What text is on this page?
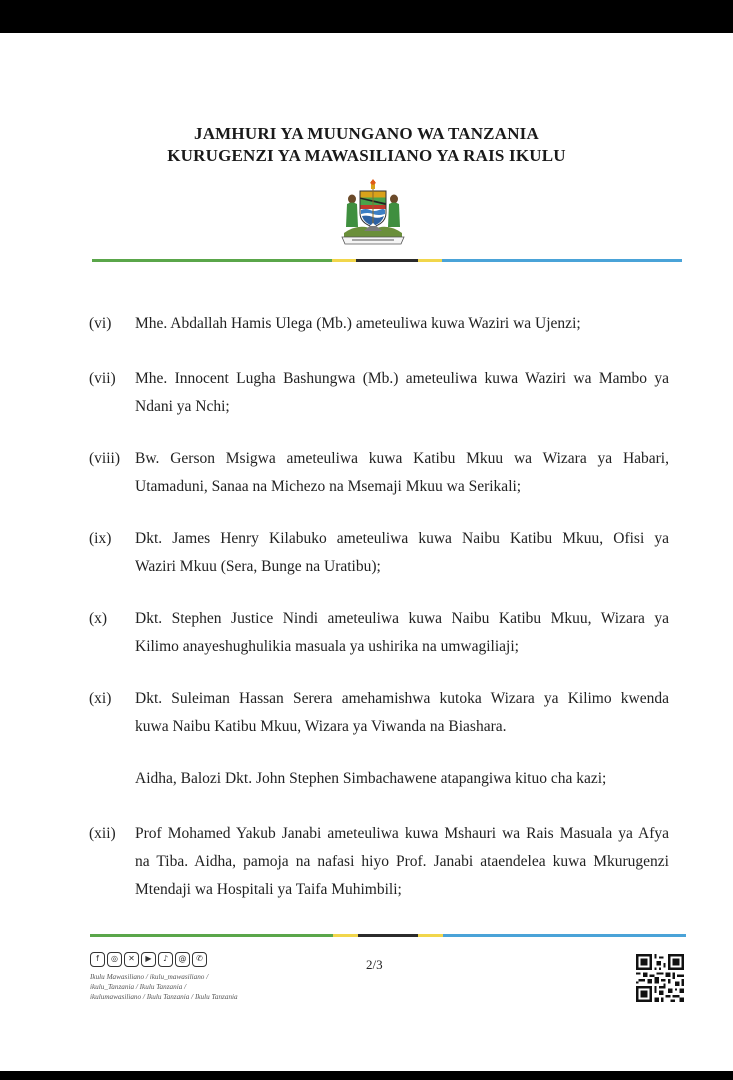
JAMHURI YA MUUNGANO WA TANZANIA
KURUGENZI YA MAWASILIANO YA RAIS IKULU
(vi)	Mhe. Abdallah Hamis Ulega (Mb.) ameteuliwa kuwa Waziri wa Ujenzi;
(vii)	Mhe. Innocent Lugha Bashungwa (Mb.) ameteuliwa kuwa Waziri wa Mambo ya
Ndani ya Nchi;
(viii) Bw. Gerson Msigwa ameteuliwa kuwa Katibu Mkuu wa Wizara ya Habari,
Utamaduni, Sanaa na Michezo na Msemaji Mkuu wa Serikali;
(ix)	Dkt. James Henry Kilabuko ameteuliwa kuwa Naibu Katibu Mkuu, Ofisi ya
Waziri Mkuu (Sera, Bunge na Uratibu);
(x)	Dkt. Stephen Justice Nindi ameteuliwa kuwa Naibu Katibu Mkuu, Wizara ya
Kilimo anayeshughulikia masuala ya ushirika na umwagiliaji;
(xi)	Dkt. Suleiman Hassan Serera amehamishwa kutoka Wizara ya Kilimo kwenda
kuwa Naibu Katibu Mkuu, Wizara ya Viwanda na Biashara.
Aidha, Balozi Dkt. John Stephen Simbachawene atapangiwa kituo cha kazi;
(xii)	Prof Mohamed Yakub Janabi ameteuliwa kuwa Mshauri wa Rais Masuala ya Afya
na Tiba. Aidha, pamoja na nafasi hiyo Prof. Janabi ataendelea kuwa Mkurugenzi
Mtendaji wa Hospitali ya Taifa Muhimbili;
f	◎	✕	▶	♪	@	✆
Ikulu Mawasiliano / ikulu_mawasiliano /
ikulu_Tanzania / Ikulu Tanzania /
ikulumawasiliano / Ikulu Tanzania / Ikulu Tanzania
2/3
